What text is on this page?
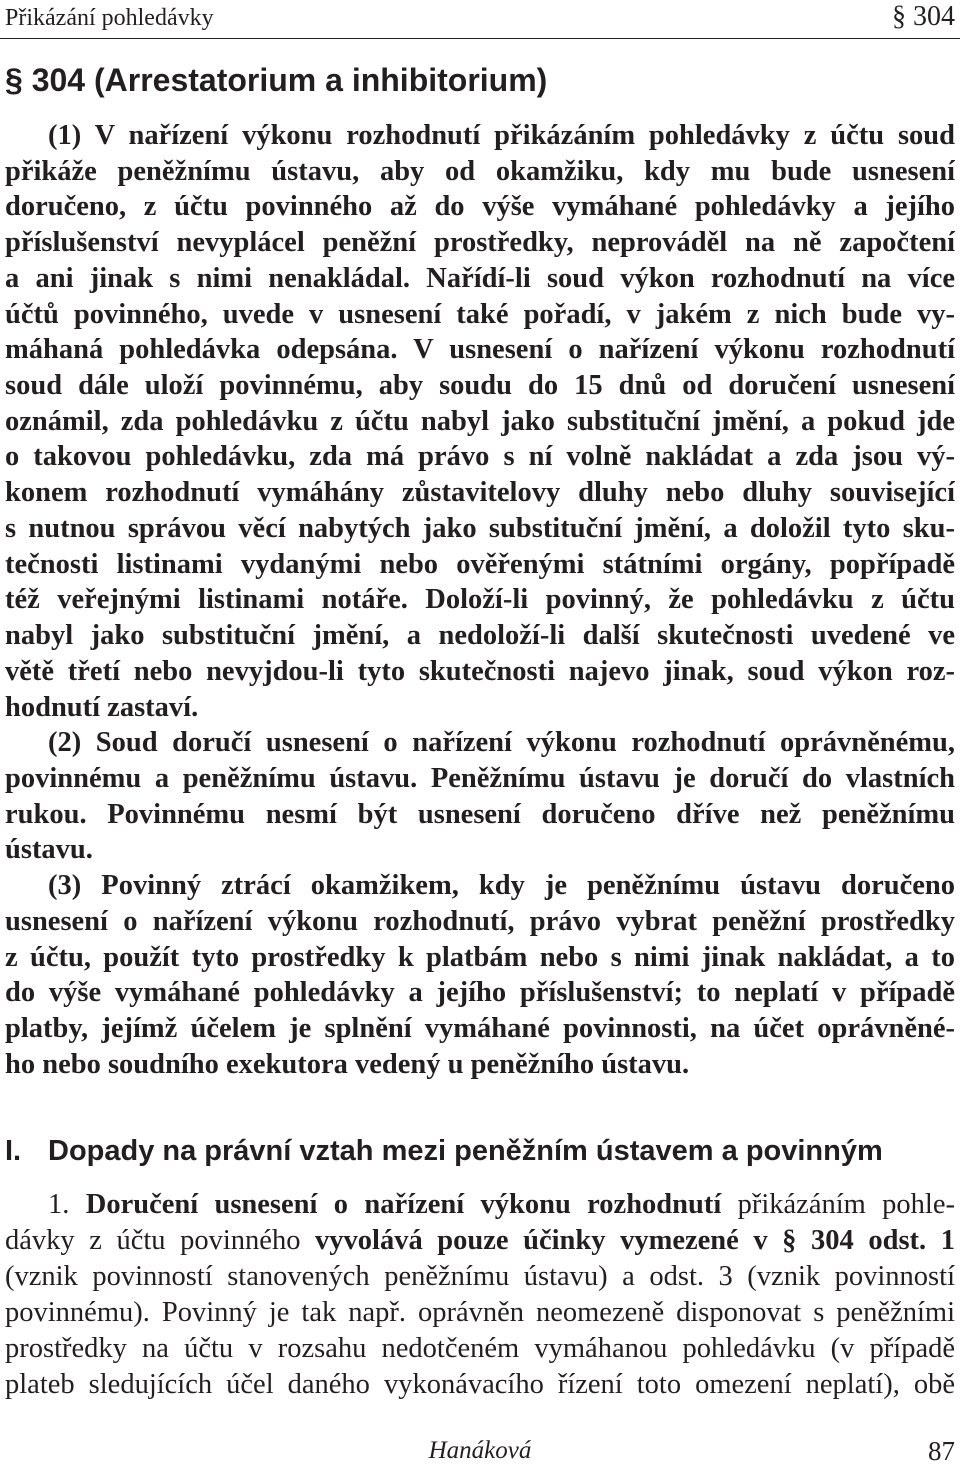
Přikázání pohledávky	§ 304
§ 304 (Arrestatorium a inhibitorium)
(1) V nařízení výkonu rozhodnutí přikázáním pohledávky z účtu soud
přikáže peněžnímu ústavu, aby od okamžiku, kdy mu bude usnesení
doručeno, z účtu povinného až do výše vymáhané pohledávky a jejího
příslušenství nevyplácel peněžní prostředky, neprováděl na ně započtení
a ani jinak s nimi nenakládal. Nařídí-li soud výkon rozhodnutí na více
účtů povinného, uvede v usnesení také pořadí, v jakém z nich bude vy-
máhaná pohledávka odepsána. V usnesení o nařízení výkonu rozhodnutí
soud dále uloží povinnému, aby soudu do 15 dnů od doručení usnesení
oznámil, zda pohledávku z účtu nabyl jako substituční jmění, a pokud jde
o takovou pohledávku, zda má právo s ní volně nakládat a zda jsou vý-
konem rozhodnutí vymáhány zůstavitelovy dluhy nebo dluhy související
s nutnou správou věcí nabytých jako substituční jmění, a doložil tyto sku-
tečnosti listinami vydanými nebo ověřenými státními orgány, popřípadě
též veřejnými listinami notáře. Doloží-li povinný, že pohledávku z účtu
nabyl jako substituční jmění, a nedoloží-li další skutečnosti uvedené ve
větě třetí nebo nevyjdou-li tyto skutečnosti najevo jinak, soud výkon roz-
hodnutí zastaví.
(2) Soud doručí usnesení o nařízení výkonu rozhodnutí oprávněnému,
povinnému a peněžnímu ústavu. Peněžnímu ústavu je doručí do vlastních
rukou. Povinnému nesmí být usnesení doručeno dříve než peněžnímu
ústavu.
(3) Povinný ztrácí okamžikem, kdy je peněžnímu ústavu doručeno
usnesení o nařízení výkonu rozhodnutí, právo vybrat peněžní prostředky
z účtu, použít tyto prostředky k platbám nebo s nimi jinak nakládat, a to
do výše vymáhané pohledávky a jejího příslušenství; to neplatí v případě
platby, jejímž účelem je splnění vymáhané povinnosti, na účet oprávněné-
ho nebo soudního exekutora vedený u peněžního ústavu.
I. Dopady na právní vztah mezi peněžním ústavem a povinným
1. Doručení usnesení o nařízení výkonu rozhodnutí přikázáním pohle-
dávky z účtu povinného vyvolává pouze účinky vymezené v § 304 odst. 1
(vznik povinností stanovených peněžnímu ústavu) a odst. 3 (vznik povinností
povinnému). Povinný je tak např. oprávněn neomezeně disponovat s peněžními
prostředky na účtu v rozsahu nedotčeném vymáhanou pohledávku (v případě
plateb sledujících účel daného vykonávacího řízení toto omezení neplatí), obě
Hanáková	87
